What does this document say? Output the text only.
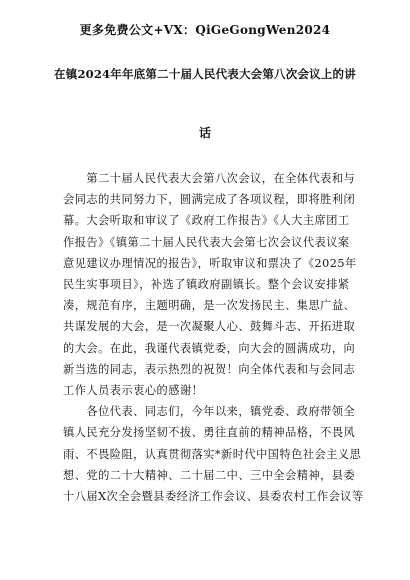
更多免费公文+VX：QiGeGongWen2024
在镇2024年年底第二十届人民代表大会第八次会议上的讲
话
　　第二十届人民代表大会第八次会议，在全体代表和与
会同志的共同努力下，圆满完成了各项议程，即将胜利闭
幕。大会听取和审议了《政府工作报告》《人大主席团工
作报告》《镇第二十届人民代表大会第七次会议代表议案
意见建议办理情况的报告》，听取审议和票决了《2025年
民生实事项目》，补选了镇政府副镇长。整个会议安排紧
凑，规范有序，主题明确，是一次发扬民主、集思广益、
共谋发展的大会，是一次凝聚人心、鼓舞斗志、开拓进取
的大会。在此，我谨代表镇党委，向大会的圆满成功，向
新当选的同志，表示热烈的祝贺！向全体代表和与会同志
工作人员表示衷心的感谢！
　　各位代表、同志们，今年以来，镇党委、政府带领全
镇人民充分发扬坚韧不拔、勇往直前的精神品格，不畏风
雨、不畏险阻，认真贯彻落实*新时代中国特色社会主义思
想、党的二十大精神、二十届二中、三中全会精神，县委
十八届X次全会暨县委经济工作会议、县委农村工作会议等
